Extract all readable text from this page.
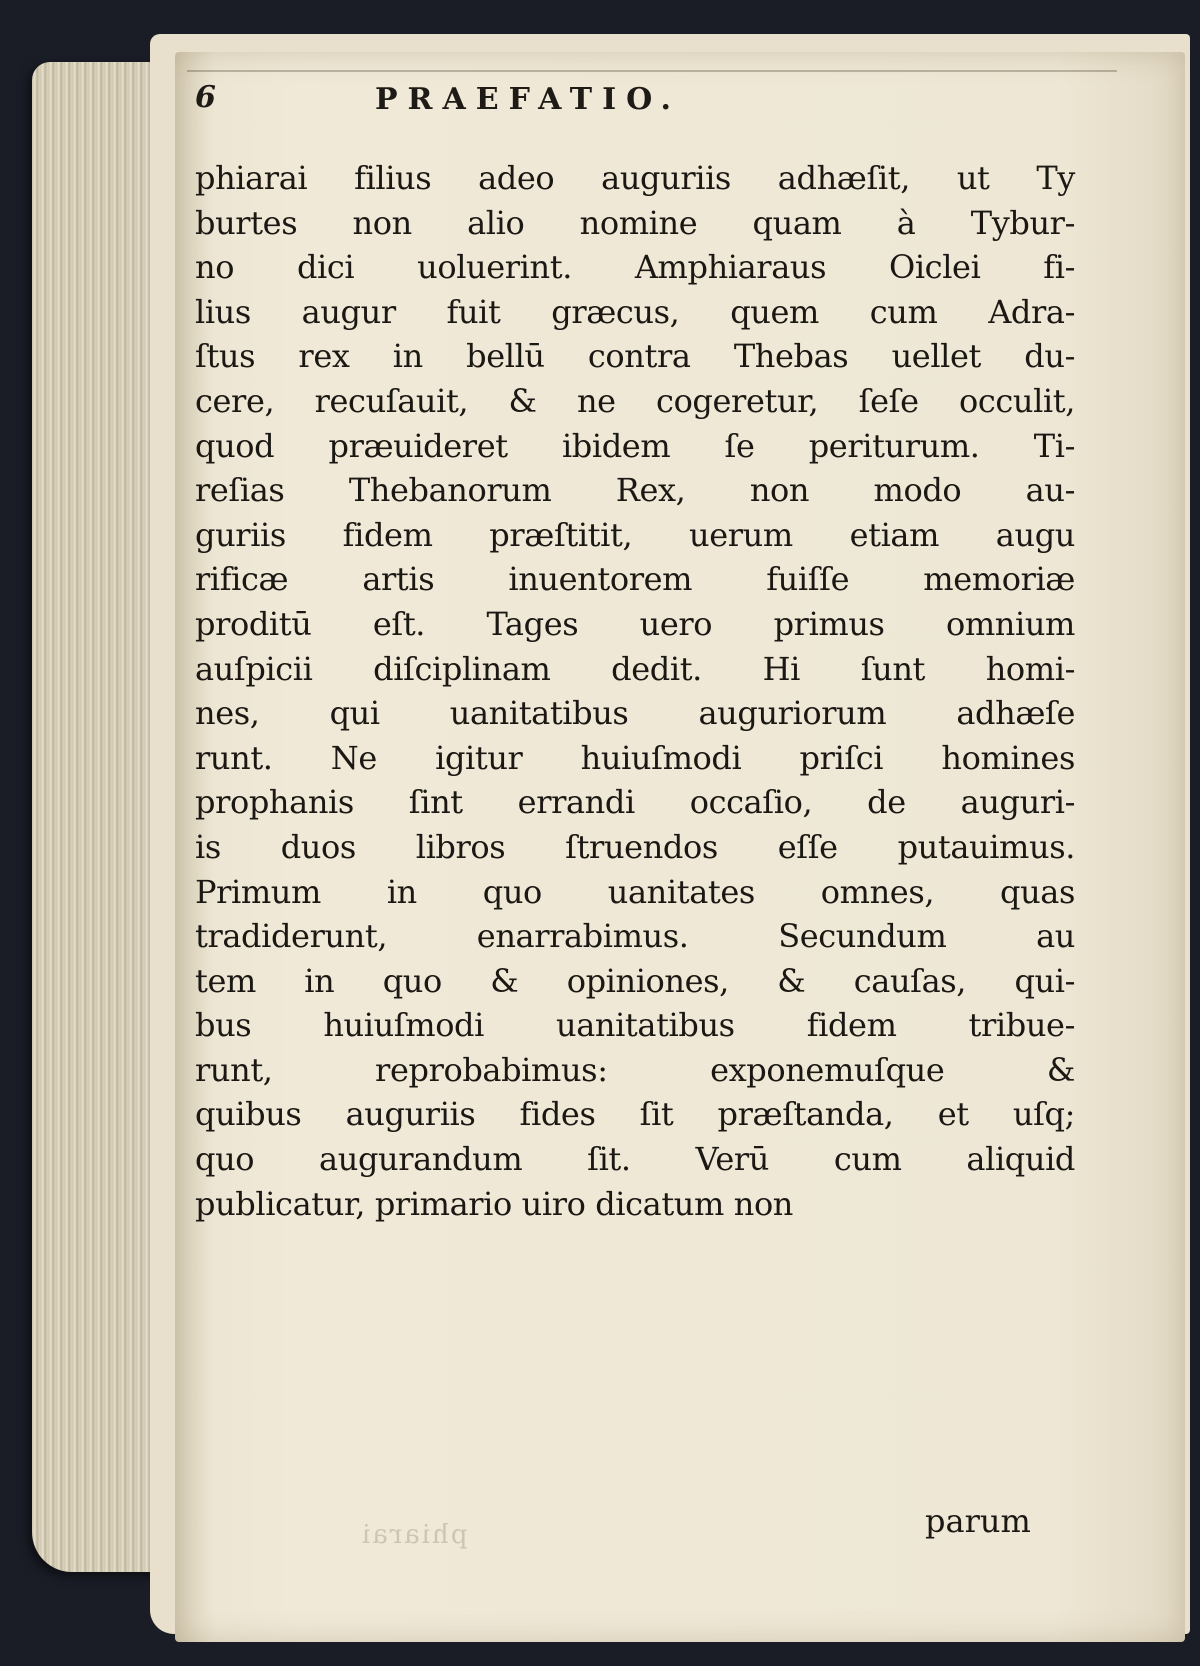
6	PRAEFATIO.
phiarai filius adeo auguriis adhæſit, ut Ty
burtes non alio nomine quam à Tybur-
no dici uoluerint. Amphiaraus Oiclei fi-
lius augur fuit græcus, quem cum Adra-
ſtus rex in bellū contra Thebas uellet du-
cere, recuſauit, & ne cogeretur, ſeſe occulit,
quod præuideret ibidem ſe periturum. Ti-
reſias Thebanorum Rex, non modo au-
guriis fidem præſtitit, uerum etiam augu
rificæ artis inuentorem fuiſſe memoriæ
proditū eſt. Tages uero primus omnium
auſpicii diſciplinam dedit. Hi ſunt homi-
nes, qui uanitatibus auguriorum adhæſe
runt. Ne igitur huiuſmodi priſci homines
prophanis ſint errandi occaſio, de auguri-
is duos libros ſtruendos eſſe putauimus.
Primum in quo uanitates omnes, quas
tradiderunt, enarrabimus. Secundum au
tem in quo & opiniones, & cauſas, qui-
bus huiuſmodi uanitatibus fidem tribue-
runt, reprobabimus: exponemuſque &
quibus auguriis fides ſit præſtanda, et uſq;
quo augurandum ſit. Verū cum aliquid
publicatur, primario uiro dicatum non
phiarai	parum
